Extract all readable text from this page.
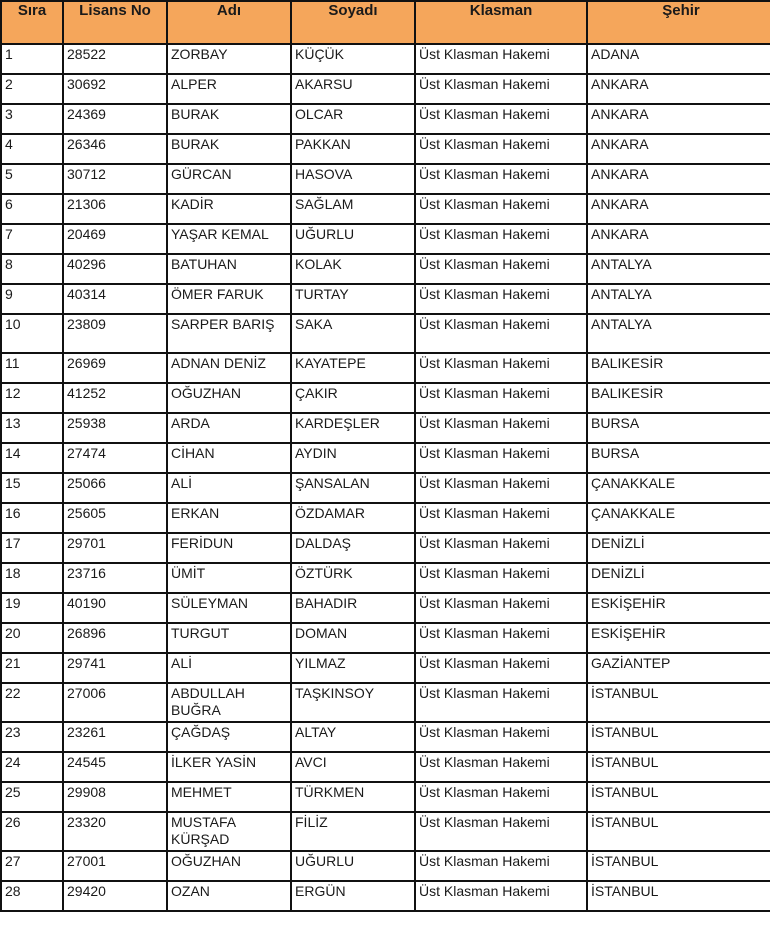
Sıra	Lisans No	Adı	Soyadı	Klasman	Şehir
1	28522	ZORBAY	KÜÇÜK	Üst Klasman Hakemi	ADANA
2	30692	ALPER	AKARSU	Üst Klasman Hakemi	ANKARA
3	24369	BURAK	OLCAR	Üst Klasman Hakemi	ANKARA
4	26346	BURAK	PAKKAN	Üst Klasman Hakemi	ANKARA
5	30712	GÜRCAN	HASOVA	Üst Klasman Hakemi	ANKARA
6	21306	KADİR	SAĞLAM	Üst Klasman Hakemi	ANKARA
7	20469	YAŞAR KEMAL	UĞURLU	Üst Klasman Hakemi	ANKARA
8	40296	BATUHAN	KOLAK	Üst Klasman Hakemi	ANTALYA
9	40314	ÖMER FARUK	TURTAY	Üst Klasman Hakemi	ANTALYA
10	23809	SARPER BARIŞ	SAKA	Üst Klasman Hakemi	ANTALYA
11	26969	ADNAN DENİZ	KAYATEPE	Üst Klasman Hakemi	BALIKESİR
12	41252	OĞUZHAN	ÇAKIR	Üst Klasman Hakemi	BALIKESİR
13	25938	ARDA	KARDEŞLER	Üst Klasman Hakemi	BURSA
14	27474	CİHAN	AYDIN	Üst Klasman Hakemi	BURSA
15	25066	ALİ	ŞANSALAN	Üst Klasman Hakemi	ÇANAKKALE
16	25605	ERKAN	ÖZDAMAR	Üst Klasman Hakemi	ÇANAKKALE
17	29701	FERİDUN	DALDAŞ	Üst Klasman Hakemi	DENİZLİ
18	23716	ÜMİT	ÖZTÜRK	Üst Klasman Hakemi	DENİZLİ
19	40190	SÜLEYMAN	BAHADIR	Üst Klasman Hakemi	ESKİŞEHİR
20	26896	TURGUT	DOMAN	Üst Klasman Hakemi	ESKİŞEHİR
21	29741	ALİ	YILMAZ	Üst Klasman Hakemi	GAZİANTEP
22	27006	ABDULLAH BUĞRA	TAŞKINSOY	Üst Klasman Hakemi	İSTANBUL
23	23261	ÇAĞDAŞ	ALTAY	Üst Klasman Hakemi	İSTANBUL
24	24545	İLKER YASİN	AVCI	Üst Klasman Hakemi	İSTANBUL
25	29908	MEHMET	TÜRKMEN	Üst Klasman Hakemi	İSTANBUL
26	23320	MUSTAFA KÜRŞAD	FİLİZ	Üst Klasman Hakemi	İSTANBUL
27	27001	OĞUZHAN	UĞURLU	Üst Klasman Hakemi	İSTANBUL
28	29420	OZAN	ERGÜN	Üst Klasman Hakemi	İSTANBUL
